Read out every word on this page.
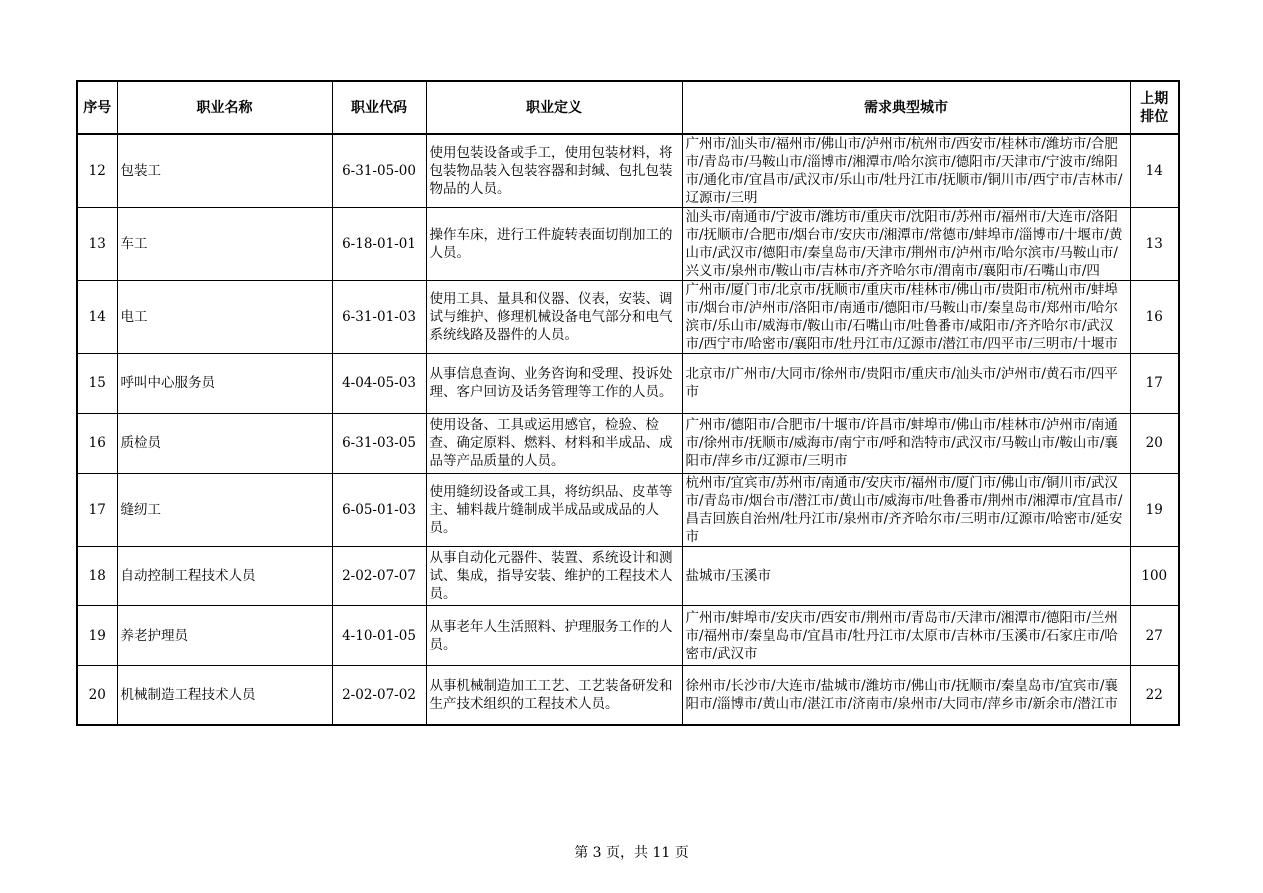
序号	职业名称	职业代码	职业定义	需求典型城市	上期排位
12	包装工	6-31-05-00	使用包装设备或手工，使用包装材料，将包装物品装入包装容器和封缄、包扎包装物品的人员。	广州市/汕头市/福州市/佛山市/泸州市/杭州市/西安市/桂林市/潍坊市/合肥市/青岛市/马鞍山市/淄博市/湘潭市/哈尔滨市/德阳市/天津市/宁波市/绵阳市/通化市/宜昌市/武汉市/乐山市/牡丹江市/抚顺市/铜川市/西宁市/吉林市/辽源市/三明	14
13	车工	6-18-01-01	操作车床，进行工件旋转表面切削加工的人员。	汕头市/南通市/宁波市/潍坊市/重庆市/沈阳市/苏州市/福州市/大连市/洛阳市/抚顺市/合肥市/烟台市/安庆市/湘潭市/常德市/蚌埠市/淄博市/十堰市/黄山市/武汉市/德阳市/秦皇岛市/天津市/荆州市/泸州市/哈尔滨市/马鞍山市/兴义市/泉州市/鞍山市/吉林市/齐齐哈尔市/渭南市/襄阳市/石嘴山市/四	13
14	电工	6-31-01-03	使用工具、量具和仪器、仪表，安装、调试与维护、修理机械设备电气部分和电气系统线路及器件的人员。	广州市/厦门市/北京市/抚顺市/重庆市/桂林市/佛山市/贵阳市/杭州市/蚌埠市/烟台市/泸州市/洛阳市/南通市/德阳市/马鞍山市/秦皇岛市/郑州市/哈尔滨市/乐山市/威海市/鞍山市/石嘴山市/吐鲁番市/咸阳市/齐齐哈尔市/武汉市/西宁市/哈密市/襄阳市/牡丹江市/辽源市/潜江市/四平市/三明市/十堰市	16
15	呼叫中心服务员	4-04-05-03	从事信息查询、业务咨询和受理、投诉处理、客户回访及话务管理等工作的人员。	北京市/广州市/大同市/徐州市/贵阳市/重庆市/汕头市/泸州市/黄石市/四平市	17
16	质检员	6-31-03-05	使用设备、工具或运用感官，检验、检查、确定原料、燃料、材料和半成品、成品等产品质量的人员。	广州市/德阳市/合肥市/十堰市/许昌市/蚌埠市/佛山市/桂林市/泸州市/南通市/徐州市/抚顺市/威海市/南宁市/呼和浩特市/武汉市/马鞍山市/鞍山市/襄阳市/萍乡市/辽源市/三明市	20
17	缝纫工	6-05-01-03	使用缝纫设备或工具，将纺织品、皮革等主、辅料裁片缝制成半成品或成品的人员。	杭州市/宜宾市/苏州市/南通市/安庆市/福州市/厦门市/佛山市/铜川市/武汉市/青岛市/烟台市/潜江市/黄山市/威海市/吐鲁番市/荆州市/湘潭市/宜昌市/昌吉回族自治州/牡丹江市/泉州市/齐齐哈尔市/三明市/辽源市/哈密市/延安市	19
18	自动控制工程技术人员	2-02-07-07	从事自动化元器件、装置、系统设计和测试、集成，指导安装、维护的工程技术人员。	盐城市/玉溪市	100
19	养老护理员	4-10-01-05	从事老年人生活照料、护理服务工作的人员。	广州市/蚌埠市/安庆市/西安市/荆州市/青岛市/天津市/湘潭市/德阳市/兰州市/福州市/秦皇岛市/宜昌市/牡丹江市/太原市/吉林市/玉溪市/石家庄市/哈密市/武汉市	27
20	机械制造工程技术人员	2-02-07-02	从事机械制造加工工艺、工艺装备研发和生产技术组织的工程技术人员。	徐州市/长沙市/大连市/盐城市/潍坊市/佛山市/抚顺市/秦皇岛市/宜宾市/襄阳市/淄博市/黄山市/湛江市/济南市/泉州市/大同市/萍乡市/新余市/潜江市	22
第 3 页，共 11 页
